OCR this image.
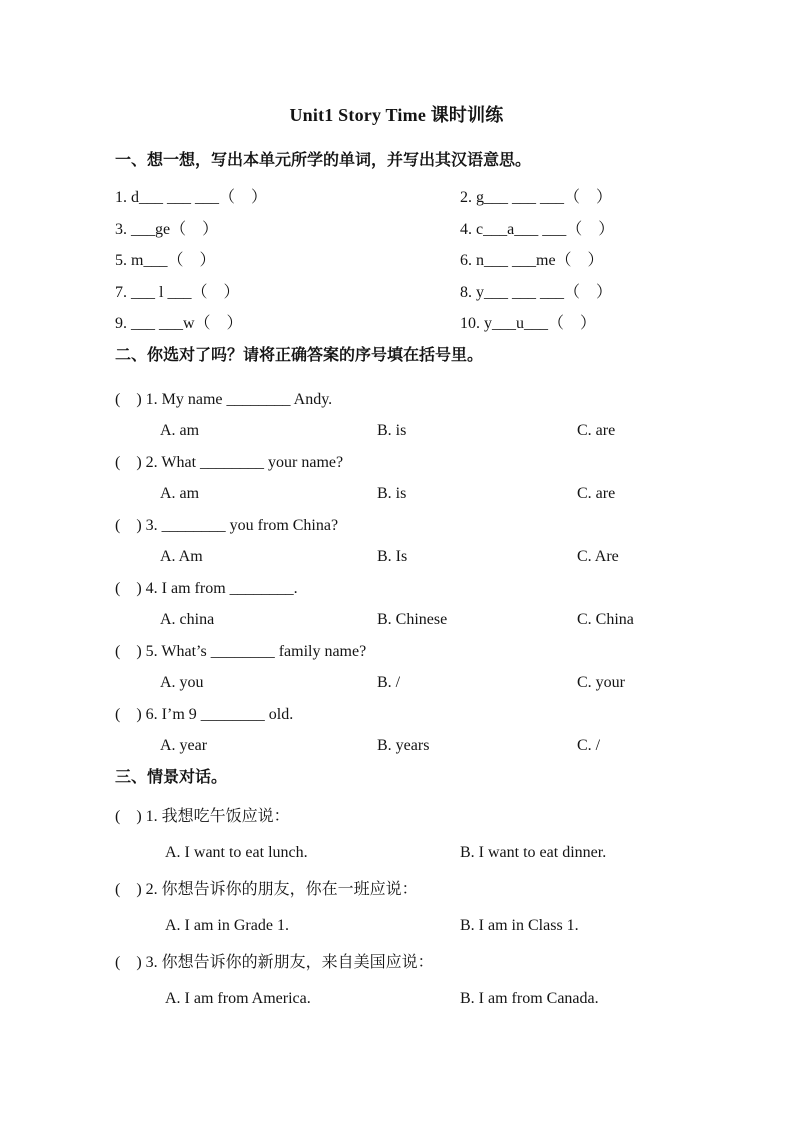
Unit1 Story Time 课时训练
一、想一想，写出本单元所学的单词，并写出其汉语意思。
1. d___ ___ ___（　）	2. g___ ___ ___（　）
3. ___ge（　）	4. c___a___ ___（　）
5. m___（　）	6. n___ ___me（　）
7. ___ l ___（　）	8. y___ ___ ___（　）
9. ___ ___w（　）	10. y___u___（　）
二、你选对了吗？请将正确答案的序号填在括号里。
(　) 1. My name ________ Andy.
A. am	B. is	C. are
(　) 2. What ________ your name?
A. am	B. is	C. are
(　) 3. ________ you from China?
A. Am	B. Is	C. Are
(　) 4. I am from ________.
A. china	B. Chinese	C. China
(　) 5. What’s ________ family name?
A. you	B. /	C. your
(　) 6. I’m 9 ________ old.
A. year	B. years	C. /
三、情景对话。
(　) 1. 我想吃午饭应说：
A. I want to eat lunch.	B. I want to eat dinner.
(　) 2. 你想告诉你的朋友，你在一班应说：
A. I am in Grade 1.	B. I am in Class 1.
(　) 3. 你想告诉你的新朋友，来自美国应说：
A. I am from America.	B. I am from Canada.
